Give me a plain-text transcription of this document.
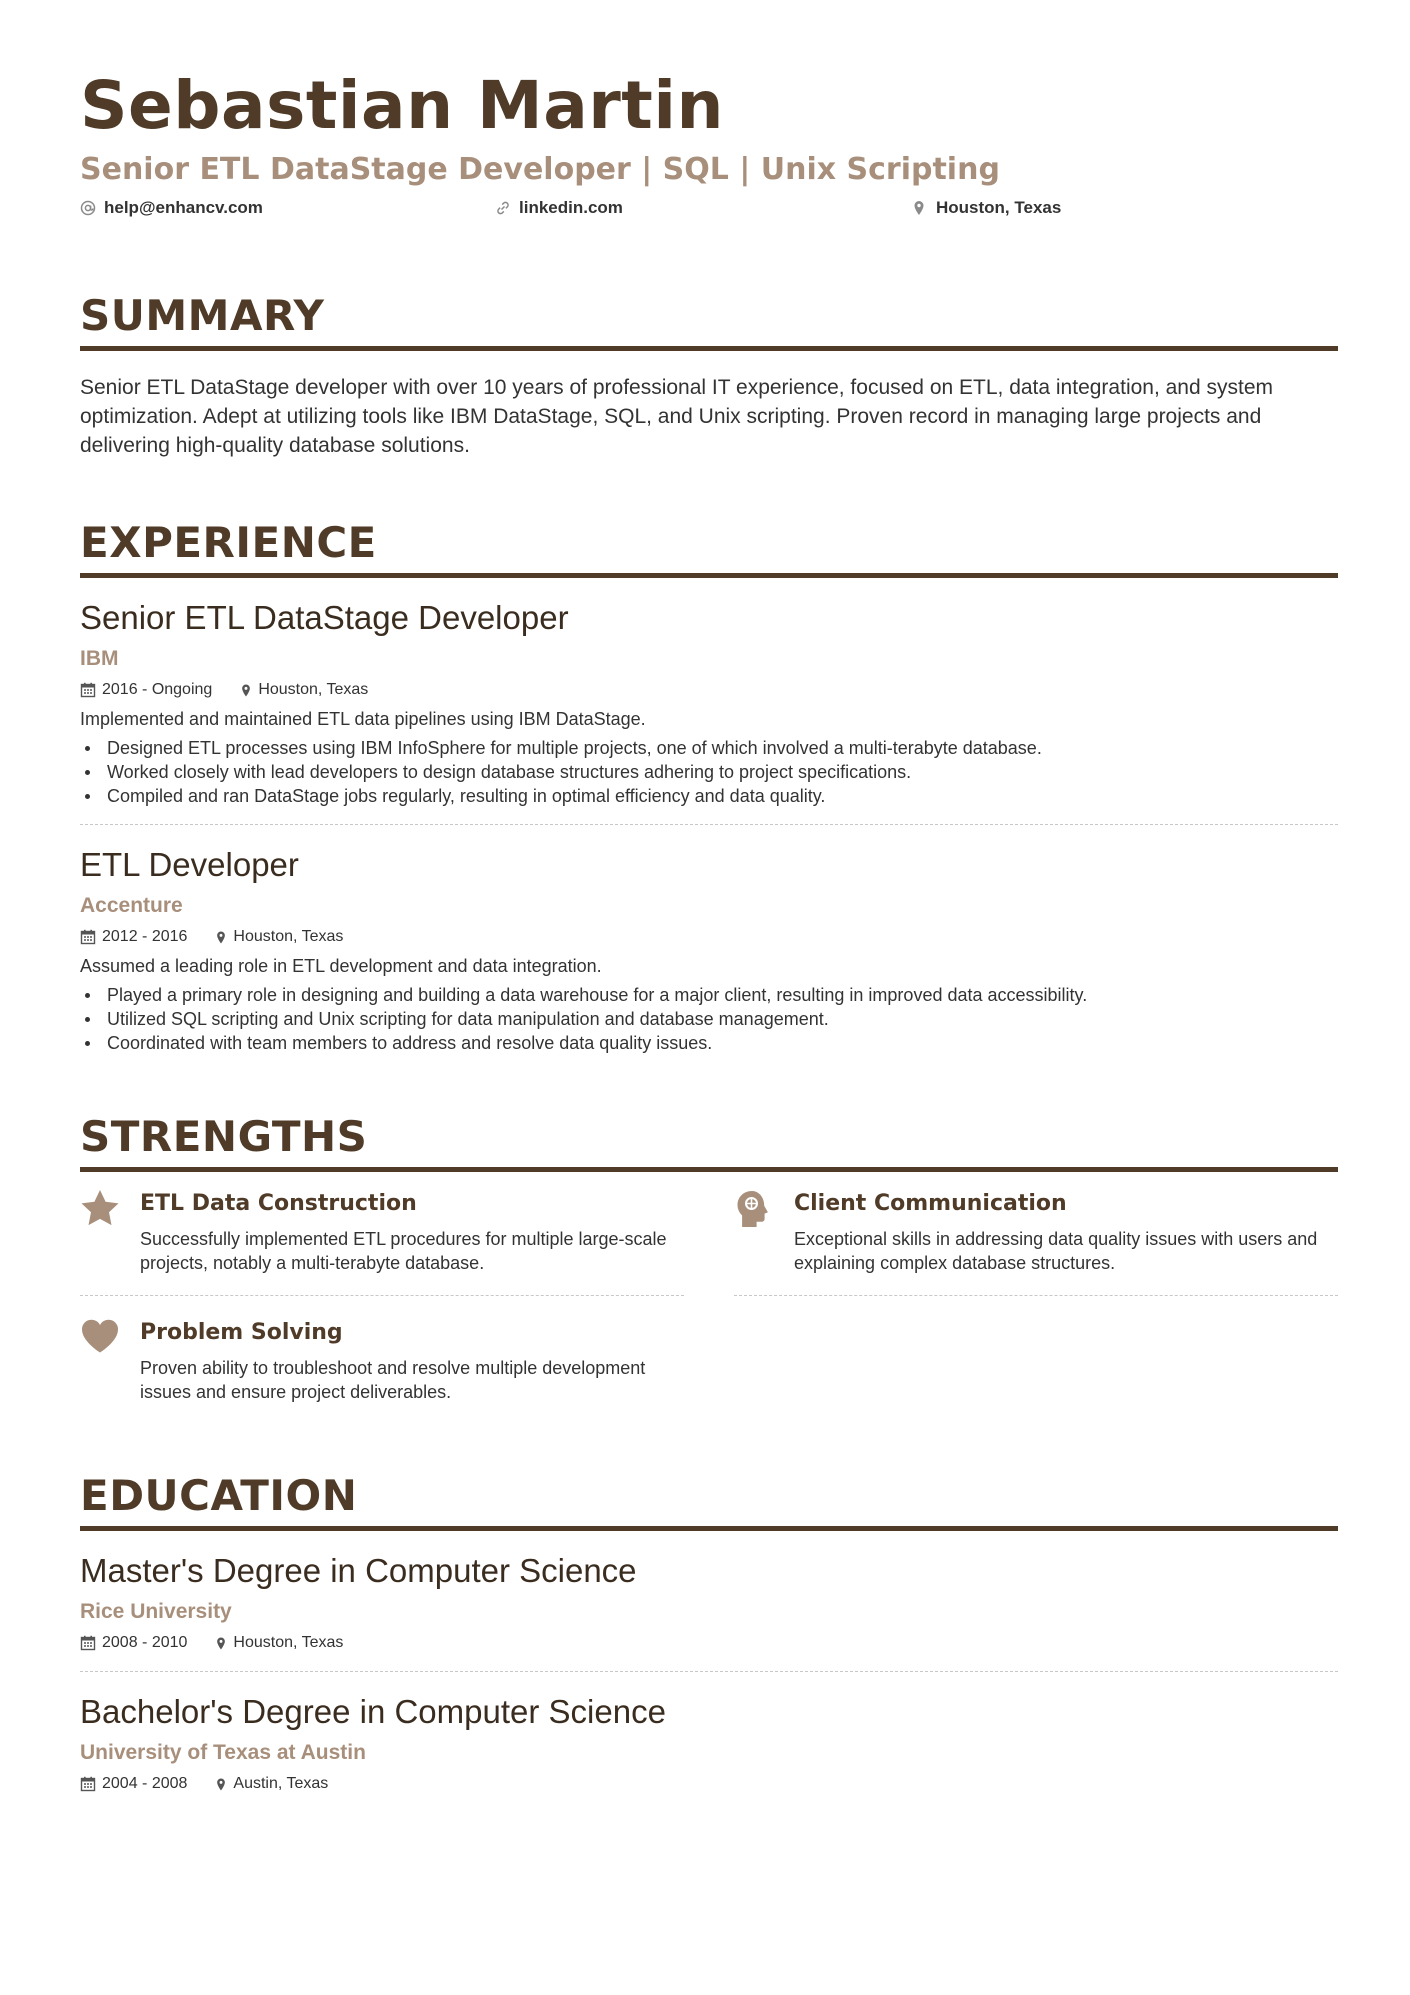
Sebastian Martin
Senior ETL DataStage Developer | SQL | Unix Scripting
help@enhancv.com	linkedin.com	Houston, Texas
SUMMARY
Senior ETL DataStage developer with over 10 years of professional IT experience, focused on ETL, data integration, and system optimization. Adept at utilizing tools like IBM DataStage, SQL, and Unix scripting. Proven record in managing large projects and delivering high-quality database solutions.
EXPERIENCE
Senior ETL DataStage Developer
IBM
2016 - Ongoing	Houston, Texas
Implemented and maintained ETL data pipelines using IBM DataStage.
Designed ETL processes using IBM InfoSphere for multiple projects, one of which involved a multi-terabyte database.
Worked closely with lead developers to design database structures adhering to project specifications.
Compiled and ran DataStage jobs regularly, resulting in optimal efficiency and data quality.
ETL Developer
Accenture
2012 - 2016	Houston, Texas
Assumed a leading role in ETL development and data integration.
Played a primary role in designing and building a data warehouse for a major client, resulting in improved data accessibility.
Utilized SQL scripting and Unix scripting for data manipulation and database management.
Coordinated with team members to address and resolve data quality issues.
STRENGTHS
ETL Data Construction
Successfully implemented ETL procedures for multiple large-scale projects, notably a multi-terabyte database.
Client Communication
Exceptional skills in addressing data quality issues with users and explaining complex database structures.
Problem Solving
Proven ability to troubleshoot and resolve multiple development issues and ensure project deliverables.
EDUCATION
Master's Degree in Computer Science
Rice University
2008 - 2010	Houston, Texas
Bachelor's Degree in Computer Science
University of Texas at Austin
2004 - 2008	Austin, Texas
